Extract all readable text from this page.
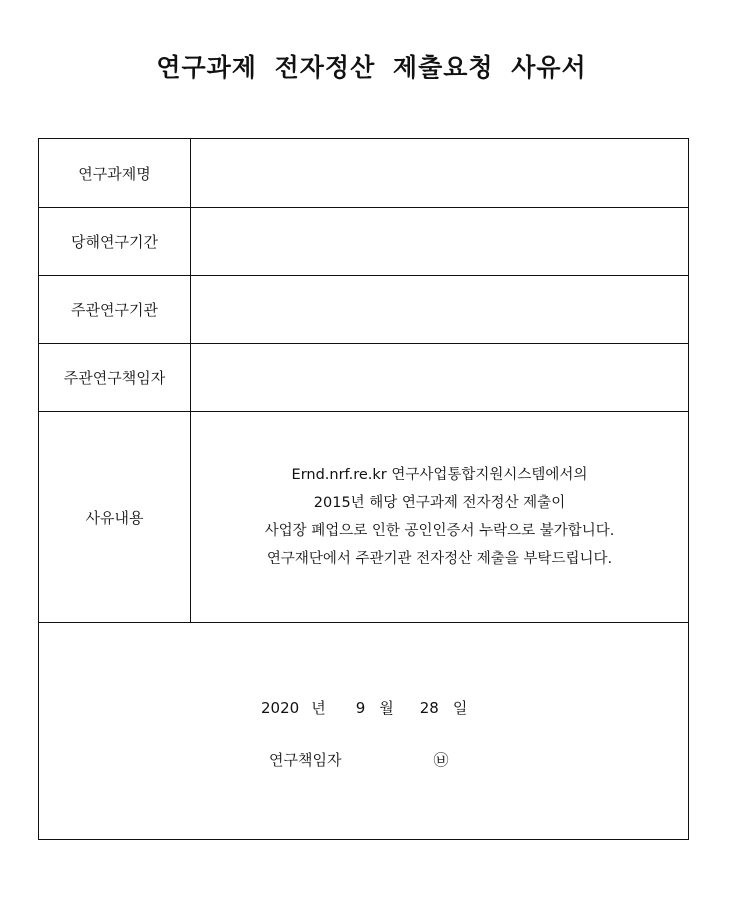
연구과제 전자정산 제출요청 사유서
연구과제명
당해연구기간
주관연구기관
주관연구책임자
사유내용
Ernd.nrf.re.kr 연구사업통합지원시스템에서의
2015년 해당 연구과제 전자정산 제출이
사업장 폐업으로 인한 공인인증서 누락으로 불가합니다.
연구재단에서 주관기관 전자정산 제출을 부탁드립니다.
2020 년 9 월 28 일
연구책임자	㉥
